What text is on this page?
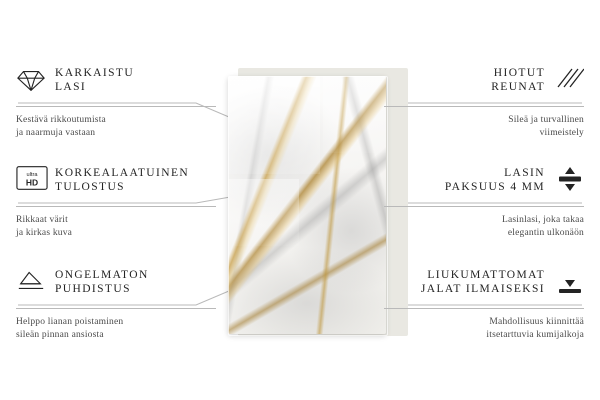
KARKAISTU
LASI
Kestävä rikkoutumista
ja naarmuja vastaan
ultra
HD
KORKEALAATUINEN
TULOSTUS
Rikkaat värit
ja kirkas kuva
ONGELMATON
PUHDISTUS
Helppo lianan poistaminen
sileän pinnan ansiosta
HIOTUT
REUNAT
Sileä ja turvallinen
viimeistely
LASIN
PAKSUUS 4 MM
Lasinlasi, joka takaa
elegantin ulkonäön
LIUKUMATTOMAT
JALAT ILMAISEKSI
Mahdollisuus kiinnittää
itsetarttuvia kumijalkoja
